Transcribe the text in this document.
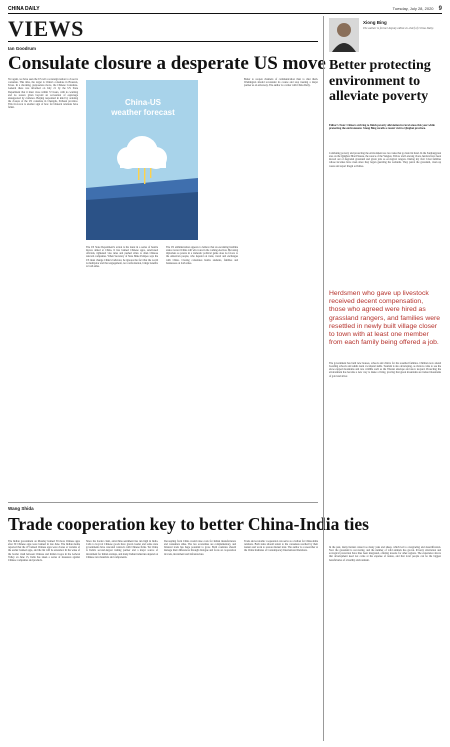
CHINA DAILY	Tuesday, July 28, 2020 9
VIEWS
Ian Goodrum
Consulate closure a desperate US move
Yet again, we have seen the US tell a sovereign nation to close its consulate. This time, the target is China's consulate in Houston, Texas. In a shocking, purposeless move, the Chinese Consulate-General there was informed on July 21 by the US State Department that it must close within 72 hours, with no warning and no reason given beyond an accusation of espionage unsupported by evidence. Beijing responded in kind by ordering the closure of the US consulate in Chengdu, Sichuan province. This tit-for-tat is another sign of how far bilateral relations have fallen.
China-US
weather forecast
The US State Department's action is the latest in a series of hostile moves aimed at China. It has banned Chinese apps, sanctioned officials, tightened visa rules and pushed allies to shun Chinese telecom companies. When Secretary of State Mike Pompeo says the US must change China's behavior, he ignores the fact that the world is multipolar and that engagement, not confrontation, brings benefits to both sides.
The US administration appears to believe that an escalating hardline stance toward China will win votes in the coming election. But using diplomats as pawns in a domestic political game does no favors to the American people, who depend on trade, travel and exchanges with China. Closing consulates harms students, families and businesses on both sides.
Better to reopen channels of communication than to shut them. Washington should reconsider its course and stop treating a major partner as an adversary. The author is a writer with China Daily.
Wang Shida
Trade cooperation key to better China-India ties
The Indian government on Monday banned 59 more Chinese apps after 59 Chinese apps were banned in late June. The Indian media reported that the 47 banned Chinese apps were clones or variants of the earlier banned apps, and the list will be extended. In the wake of the border clash between Chinese and Indian troops in the Galwan Valley on June 15, India has taken a series of measures against Chinese companies and products.
Since the border clash, anti-China sentiment has run high in India. Calls to boycott Chinese goods have grown louder and some state governments have canceled contracts with Chinese firms. Yet China is India's second-largest trading partner and a major source of investment for Indian startups, and many Indian industries depend on Chinese raw materials and components.
Decoupling from China would raise costs for Indian manufacturers and consumers alike. The two economies are complementary, and bilateral trade has huge potential to grow. Both countries should manage their differences through dialogue and focus on cooperation in trade, investment and infrastructure.
Trade and economic cooperation can serve as a ballast for China-India relations. Both sides should return to the consensus reached by their leaders and work to restore mutual trust. The author is a researcher at the China Institutes of Contemporary International Relations.
Xiong Bing
The author is former deputy editor-in-chief of China Daily.
Better protecting environment to alleviate poverty
Editor's Note: China is striving to finish poverty alleviation in rural areas this year while protecting the environment. Xiong Bing recalls a recent visit to Qinghai province.
Combating poverty and protecting the environment are two tasks that go hand in hand. In the Sanjiangyuan area on the Qinghai-Tibet Plateau, the source of the Yangtze, Yellow and Lancang rivers, herders have been moved out of degraded grassland and given jobs as ecological rangers. During my visit I met families whose incomes have risen since they began guarding the wetlands. They patrol the grassland, clean up waste and report illegal activities.
Herdsmen who gave up livestock received decent compensation, those who agreed were hired as grassland rangers, and families were resettled in newly built village closer to town with at least one member from each family being offered a job.
The government has built new houses, schools and clinics for the resettled families. Children now attend boarding schools and adults learn vocational skills. Tourism is also developing, as visitors come to see the snow-capped mountains and rare wildlife such as the Tibetan antelope and snow leopard. Protecting the environment has become a new way to make a living, proving that green mountains are indeed mountains of gold and silver.
In the past, many herders raised too many yaks and sheep, which led to overgrazing and desertification. Now the grassland is recovering, and the number of wild animals has grown. Poverty alleviation and ecological protection have thus been integrated, offering lessons for other regions. The experience shows that development need not come at the expense of nature, and that local people can be the biggest beneficiaries of a healthy environment.
